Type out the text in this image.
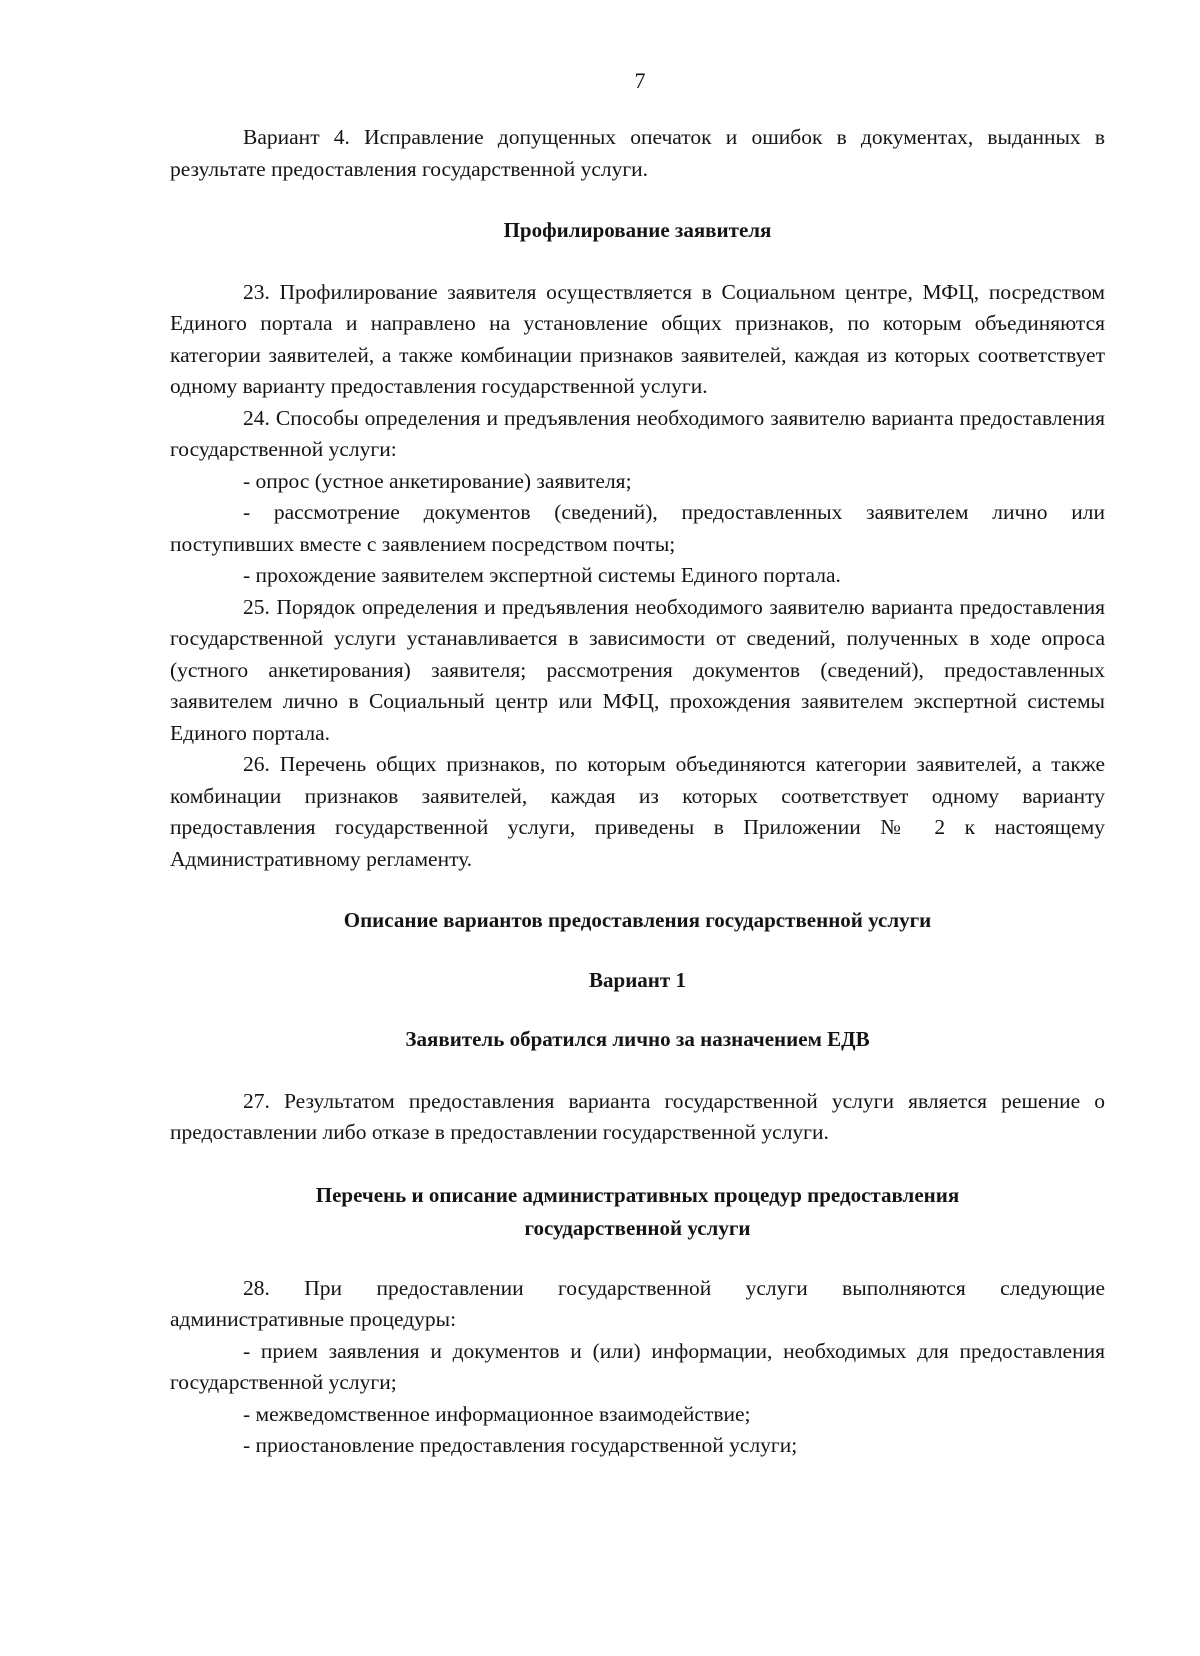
7

Вариант 4. Исправление допущенных опечаток и ошибок в документах, выданных в результате предоставления государственной услуги.

Профилирование заявителя

23. Профилирование заявителя осуществляется в Социальном центре, МФЦ, посредством Единого портала и направлено на установление общих признаков, по которым объединяются категории заявителей, а также комбинации признаков заявителей, каждая из которых соответствует одному варианту предоставления государственной услуги.

24. Способы определения и предъявления необходимого заявителю варианта предоставления государственной услуги:

- опрос (устное анкетирование) заявителя;

- рассмотрение документов (сведений), предоставленных заявителем лично или поступивших вместе с заявлением посредством почты;

- прохождение заявителем экспертной системы Единого портала.

25. Порядок определения и предъявления необходимого заявителю варианта предоставления государственной услуги устанавливается в зависимости от сведений, полученных в ходе опроса (устного анкетирования) заявителя; рассмотрения документов (сведений), предоставленных заявителем лично в Социальный центр или МФЦ, прохождения заявителем экспертной системы Единого портала.

26. Перечень общих признаков, по которым объединяются категории заявителей, а также комбинации признаков заявителей, каждая из которых соответствует одному варианту предоставления государственной услуги, приведены в Приложении № 2 к настоящему Административному регламенту.

Описание вариантов предоставления государственной услуги

Вариант 1

Заявитель обратился лично за назначением ЕДВ

27. Результатом предоставления варианта государственной услуги является решение о предоставлении либо отказе в предоставлении государственной услуги.

Перечень и описание административных процедур предоставления
государственной услуги

28. При предоставлении государственной услуги выполняются следующие административные процедуры:

- прием заявления и документов и (или) информации, необходимых для предоставления государственной услуги;

- межведомственное информационное взаимодействие;

- приостановление предоставления государственной услуги;
